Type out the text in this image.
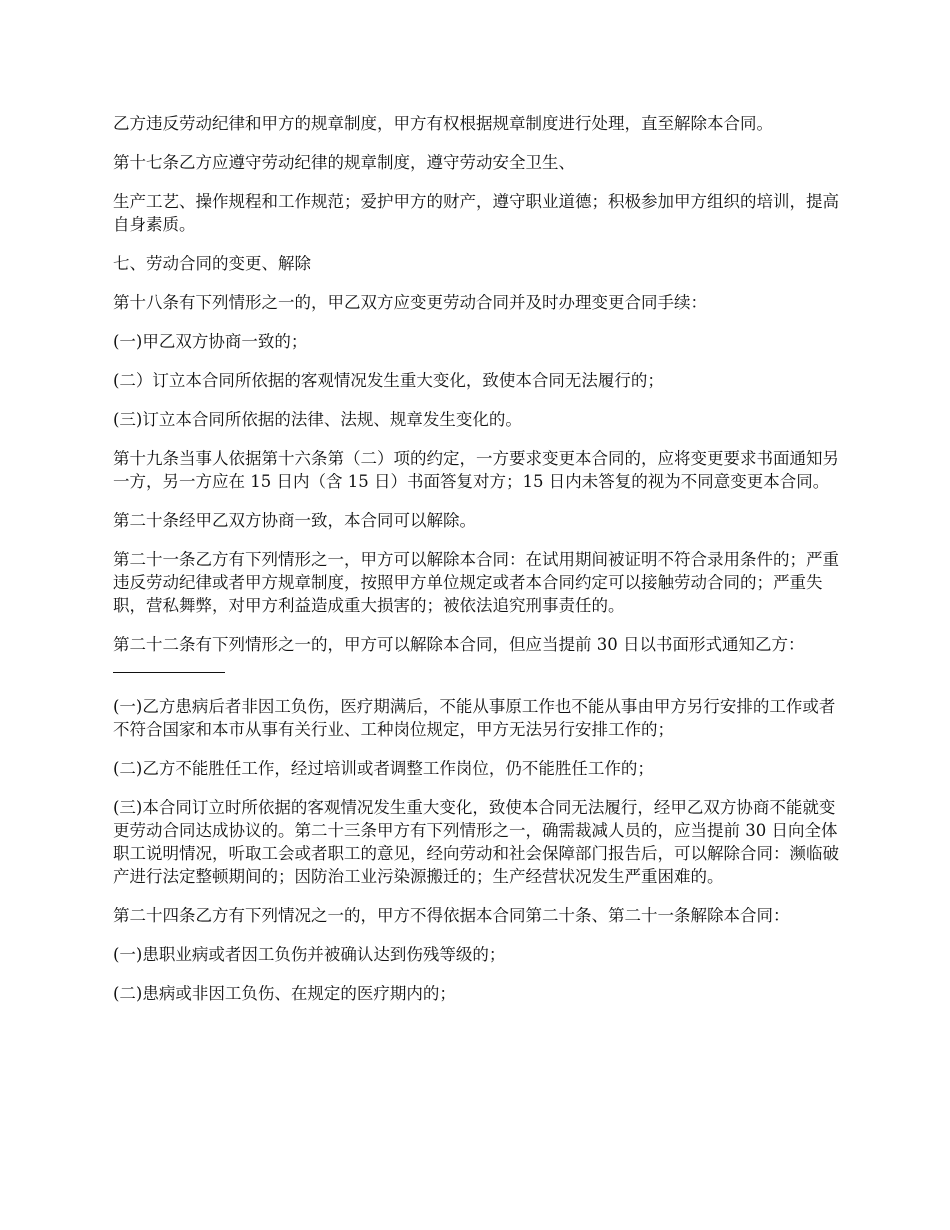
乙方违反劳动纪律和甲方的规章制度，甲方有权根据规章制度进行处理，直至解除本合同。

第十七条乙方应遵守劳动纪律的规章制度，遵守劳动安全卫生、

生产工艺、操作规程和工作规范；爱护甲方的财产，遵守职业道德；积极参加甲方组织的培训，提高自身素质。

七、劳动合同的变更、解除

第十八条有下列情形之一的，甲乙双方应变更劳动合同并及时办理变更合同手续：

(一)甲乙双方协商一致的；

(二）订立本合同所依据的客观情况发生重大变化，致使本合同无法履行的；

(三)订立本合同所依据的法律、法规、规章发生变化的。

第十九条当事人依据第十六条第（二）项的约定，一方要求变更本合同的，应将变更要求书面通知另一方，另一方应在 15 日内（含 15 日）书面答复对方；15 日内未答复的视为不同意变更本合同。

第二十条经甲乙双方协商一致，本合同可以解除。

第二十一条乙方有下列情形之一，甲方可以解除本合同：在试用期间被证明不符合录用条件的；严重违反劳动纪律或者甲方规章制度，按照甲方单位规定或者本合同约定可以接触劳动合同的；严重失职，营私舞弊，对甲方利益造成重大损害的；被依法追究刑事责任的。

第二十二条有下列情形之一的，甲方可以解除本合同，但应当提前 30 日以书面形式通知乙方：

(一)乙方患病后者非因工负伤，医疗期满后，不能从事原工作也不能从事由甲方另行安排的工作或者不符合国家和本市从事有关行业、工种岗位规定，甲方无法另行安排工作的；

(二)乙方不能胜任工作，经过培训或者调整工作岗位，仍不能胜任工作的；

(三)本合同订立时所依据的客观情况发生重大变化，致使本合同无法履行，经甲乙双方协商不能就变更劳动合同达成协议的。第二十三条甲方有下列情形之一，确需裁减人员的，应当提前 30 日向全体职工说明情况，听取工会或者职工的意见，经向劳动和社会保障部门报告后，可以解除合同：濒临破产进行法定整顿期间的；因防治工业污染源搬迁的；生产经营状况发生严重困难的。

第二十四条乙方有下列情况之一的，甲方不得依据本合同第二十条、第二十一条解除本合同：

(一)患职业病或者因工负伤并被确认达到伤残等级的；

(二)患病或非因工负伤、在规定的医疗期内的；
